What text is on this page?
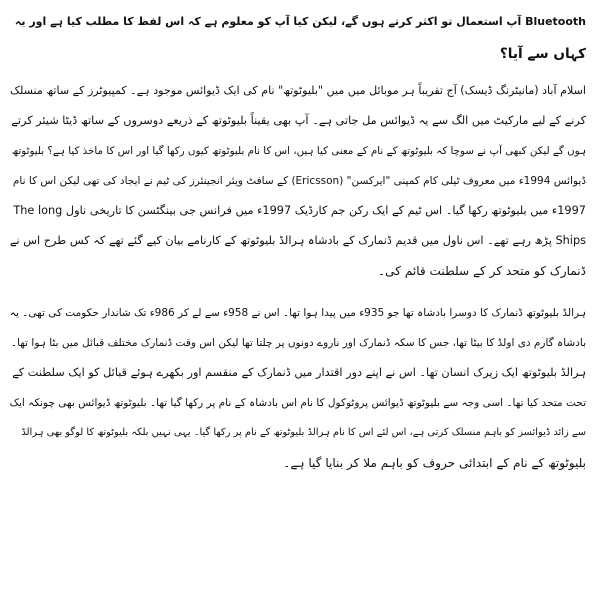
Bluetooth آپ استعمال تو اکثر کرتے ہوں گے، لیکن کیا آپ کو معلوم ہے کہ اس لفظ کا مطلب کیا ہے اور یہ
کہاں سے آیا؟
اسلام آباد (مانیٹرنگ ڈیسک) آج تقریباً ہر موبائل میں میں "بلیوٹوتھ" نام کی ایک ڈیوائس موجود ہے۔ کمپیوٹرز کے ساتھ منسلک
کرنے کے لیے مارکیٹ میں الگ سے یہ ڈیوائس مل جاتی ہے۔ آپ بھی یقیناً بلیوٹوتھ کے ذریعے دوسروں کے ساتھ ڈیٹا شیئر کرتے
ہوں گے لیکن کبھی آپ نے سوچا کہ بلیوٹوتھ کے نام کے معنی کیا ہیں، اس کا نام بلیوٹوتھ کیوں رکھا گیا اور اس کا ماخذ کیا ہے؟ بلیوٹوتھ
ڈیوائس 1994ء میں معروف ٹیلی کام کمپنی "ایرکسن" (Ericsson) کے سافٹ ویئر انجینئرز کی ٹیم نے ایجاد کی تھی لیکن اس کا نام
1997ء میں بلیوٹوتھ رکھا گیا۔ اس ٹیم کے ایک رکن جم کارڈیک 1997ء میں فرانس جی بینگٹسن کا تاریخی ناول The long
Ships پڑھ رہے تھے۔ اس ناول میں قدیم ڈنمارک کے بادشاہ ہرالڈ بلیوٹوتھ کے کارنامے بیان کیے گئے تھے کہ کس طرح اس نے
ڈنمارک کو متحد کر کے سلطنت قائم کی۔
ہرالڈ بلیوٹوتھ ڈنمارک کا دوسرا بادشاہ تھا جو 935ء میں پیدا ہوا تھا۔ اس نے 958ء سے لے کر 986ء تک شاندار حکومت کی تھی۔ یہ
بادشاہ گارم دی اولڈ کا بیٹا تھا، جس کا سکہ ڈنمارک اور ناروے دونوں پر چلتا تھا لیکن اس وقت ڈنمارک مختلف قبائل میں بٹا ہوا تھا۔
ہرالڈ بلیوٹوتھ ایک زیرک انسان تھا۔ اس نے اپنے دور اقتدار میں ڈنمارک کے منقسم اور بکھرے ہوئے قبائل کو ایک سلطنت کے
تحت متحد کیا تھا۔ اسی وجہ سے بلیوٹوتھ ڈیوائس پروٹوکول کا نام اس بادشاہ کے نام پر رکھا گیا تھا۔ بلیوٹوتھ ڈیوائس بھی چونکہ ایک
سے زائد ڈیوائسز کو باہم منسلک کرتی ہے، اس لئے اس کا نام ہرالڈ بلیوٹوتھ کے نام پر رکھا گیا۔ یہی نہیں بلکہ بلیوٹوتھ کا لوگو بھی ہرالڈ
بلیوٹوتھ کے نام کے ابتدائی حروف کو باہم ملا کر بنایا گیا ہے۔
